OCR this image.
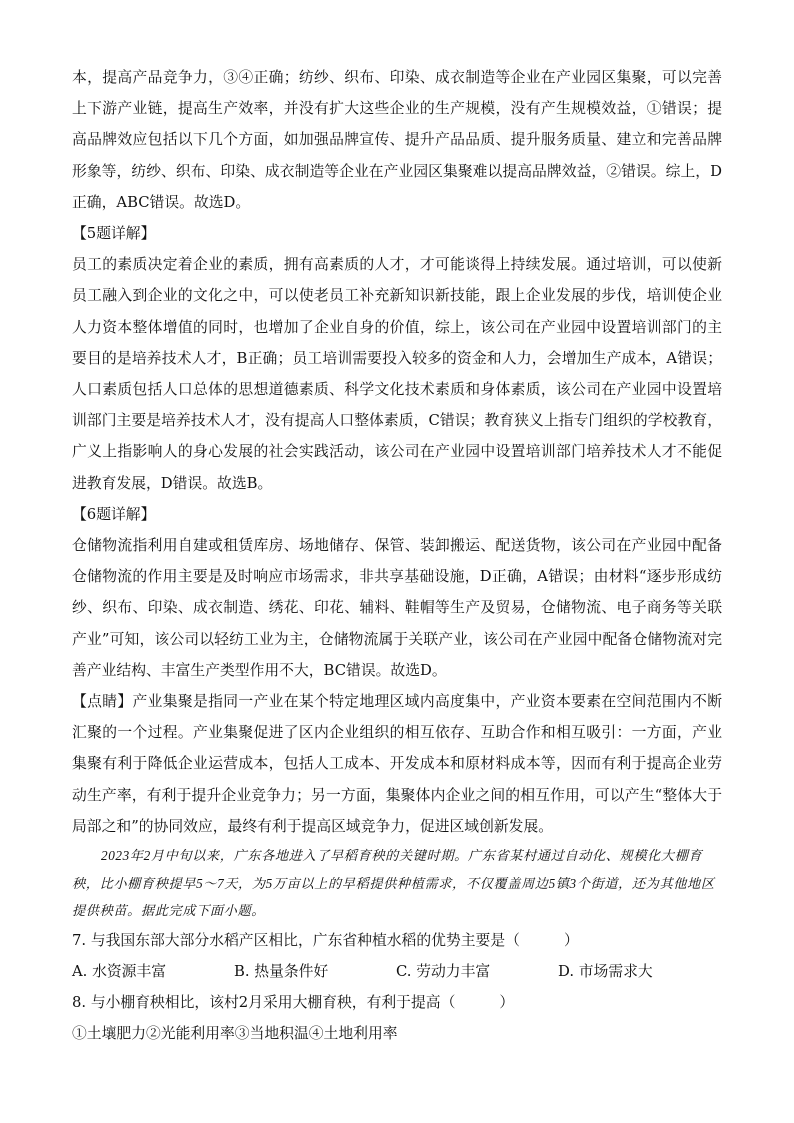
本，提高产品竞争力，③④正确；纺纱、织布、印染、成衣制造等企业在产业园区集聚，可以完善上下游产业链，提高生产效率，并没有扩大这些企业的生产规模，没有产生规模效益，①错误；提高品牌效应包括以下几个方面，如加强品牌宣传、提升产品品质、提升服务质量、建立和完善品牌形象等，纺纱、织布、印染、成衣制造等企业在产业园区集聚难以提高品牌效益，②错误。综上，D正确，ABC错误。故选D。

【5题详解】

员工的素质决定着企业的素质，拥有高素质的人才，才可能谈得上持续发展。通过培训，可以使新员工融入到企业的文化之中，可以使老员工补充新知识新技能，跟上企业发展的步伐，培训使企业人力资本整体增值的同时，也增加了企业自身的价值，综上，该公司在产业园中设置培训部门的主要目的是培养技术人才，B正确；员工培训需要投入较多的资金和人力，会增加生产成本，A错误；人口素质包括人口总体的思想道德素质、科学文化技术素质和身体素质，该公司在产业园中设置培训部门主要是培养技术人才，没有提高人口整体素质，C错误；教育狭义上指专门组织的学校教育，广义上指影响人的身心发展的社会实践活动，该公司在产业园中设置培训部门培养技术人才不能促进教育发展，D错误。故选B。

【6题详解】

仓储物流指利用自建或租赁库房、场地储存、保管、装卸搬运、配送货物，该公司在产业园中配备仓储物流的作用主要是及时响应市场需求，非共享基础设施，D正确，A错误；由材料“逐步形成纺纱、织布、印染、成衣制造、绣花、印花、辅料、鞋帽等生产及贸易，仓储物流、电子商务等关联产业”可知，该公司以轻纺工业为主，仓储物流属于关联产业，该公司在产业园中配备仓储物流对完善产业结构、丰富生产类型作用不大，BC错误。故选D。

【点睛】产业集聚是指同一产业在某个特定地理区域内高度集中，产业资本要素在空间范围内不断汇聚的一个过程。产业集聚促进了区内企业组织的相互依存、互助合作和相互吸引：一方面，产业集聚有利于降低企业运营成本，包括人工成本、开发成本和原材料成本等，因而有利于提高企业劳动生产率，有利于提升企业竞争力；另一方面，集聚体内企业之间的相互作用，可以产生“整体大于局部之和”的协同效应，最终有利于提高区域竞争力，促进区域创新发展。

2023年2月中旬以来，广东各地进入了早稻育秧的关键时期。广东省某村通过自动化、规模化大棚育秧，比小棚育秧提早5～7天，为5万亩以上的早稻提供种植需求，不仅覆盖周边5镇3个街道，还为其他地区提供秧苗。据此完成下面小题。

7. 与我国东部大部分水稻产区相比，广东省种植水稻的优势主要是（	）

A. 水资源丰富	B. 热量条件好	C. 劳动力丰富	D. 市场需求大

8. 与小棚育秧相比，该村2月采用大棚育秧，有利于提高（	）

①土壤肥力②光能利用率③当地积温④土地利用率
